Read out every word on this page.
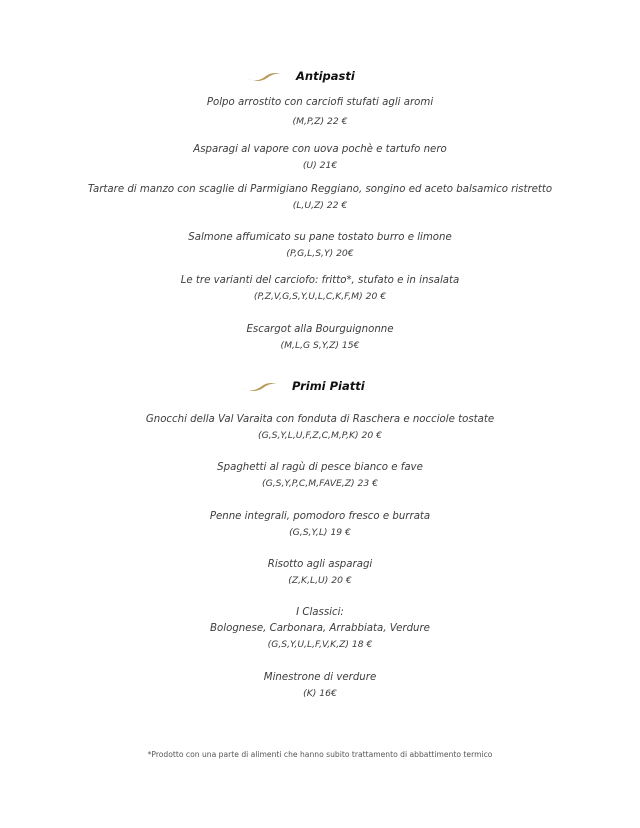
Antipasti
Polpo arrostito con carciofi stufati agli aromi
(M,P,Z) 22 €
Asparagi al vapore con uova pochè e tartufo nero
(U) 21€
Tartare di manzo con scaglie di Parmigiano Reggiano, songino ed aceto balsamico ristretto
(L,U,Z) 22 €
Salmone affumicato su pane tostato burro e limone
(P,G,L,S,Y) 20€
Le tre varianti del carciofo: fritto*, stufato e in insalata
(P,Z,V,G,S,Y,U,L,C,K,F,M) 20 €
Escargot alla Bourguignonne
(M,L,G S,Y,Z) 15€
Primi Piatti
Gnocchi della Val Varaita con fonduta di Raschera e nocciole tostate
(G,S,Y,L,U,F,Z,C,M,P,K) 20 €
Spaghetti al ragù di pesce bianco e fave
(G,S,Y,P,C,M,FAVE,Z) 23 €
Penne integrali, pomodoro fresco e burrata
(G,S,Y,L) 19 €
Risotto agli asparagi
(Z,K,L,U) 20 €
I Classici:
Bolognese, Carbonara, Arrabbiata, Verdure
(G,S,Y,U,L,F,V,K,Z) 18 €
Minestrone di verdure
(K) 16€
*Prodotto con una parte di alimenti che hanno subito trattamento di abbattimento termico
